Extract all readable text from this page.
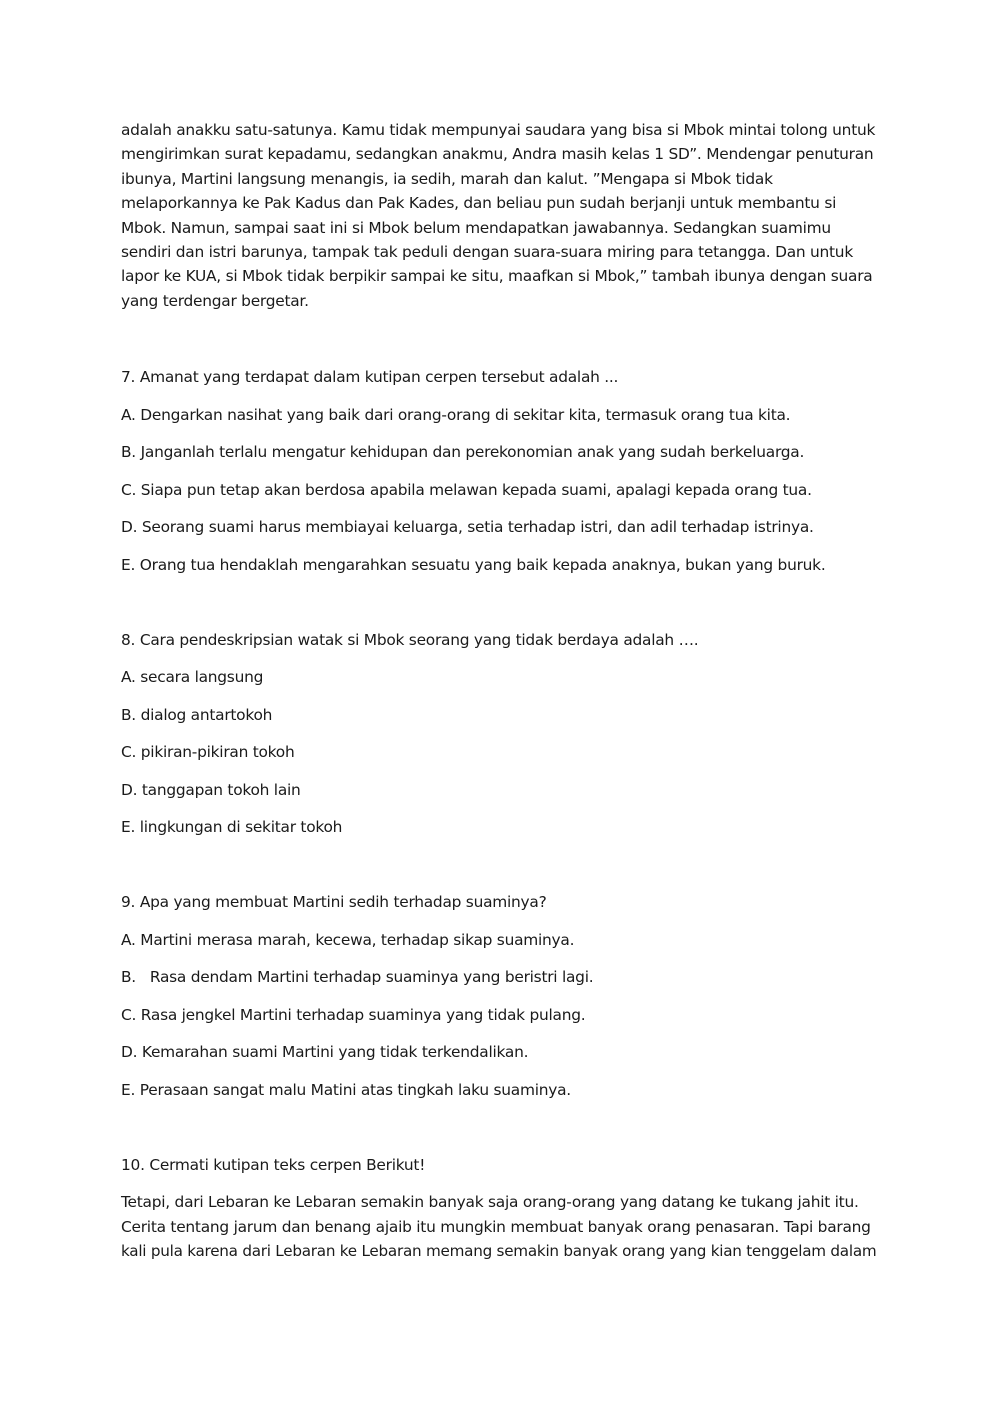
adalah anakku satu-satunya. Kamu tidak mempunyai saudara yang bisa si Mbok mintai tolong untuk
mengirimkan surat kepadamu, sedangkan anakmu, Andra masih kelas 1 SD”. Mendengar penuturan
ibunya, Martini langsung menangis, ia sedih, marah dan kalut. ”Mengapa si Mbok tidak
melaporkannya ke Pak Kadus dan Pak Kades, dan beliau pun sudah berjanji untuk membantu si
Mbok. Namun, sampai saat ini si Mbok belum mendapatkan jawabannya. Sedangkan suamimu
sendiri dan istri barunya, tampak tak peduli dengan suara-suara miring para tetangga. Dan untuk
lapor ke KUA, si Mbok tidak berpikir sampai ke situ, maafkan si Mbok,” tambah ibunya dengan suara
yang terdengar bergetar.

7. Amanat yang terdapat dalam kutipan cerpen tersebut adalah ...

A. Dengarkan nasihat yang baik dari orang-orang di sekitar kita, termasuk orang tua kita.

B. Janganlah terlalu mengatur kehidupan dan perekonomian anak yang sudah berkeluarga.

C. Siapa pun tetap akan berdosa apabila melawan kepada suami, apalagi kepada orang tua.

D. Seorang suami harus membiayai keluarga, setia terhadap istri, dan adil terhadap istrinya.

E. Orang tua hendaklah mengarahkan sesuatu yang baik kepada anaknya, bukan yang buruk.

8. Cara pendeskripsian watak si Mbok seorang yang tidak berdaya adalah ….

A. secara langsung

B. dialog antartokoh

C. pikiran-pikiran tokoh

D. tanggapan tokoh lain

E. lingkungan di sekitar tokoh

9. Apa yang membuat Martini sedih terhadap suaminya?

A. Martini merasa marah, kecewa, terhadap sikap suaminya.

B.   Rasa dendam Martini terhadap suaminya yang beristri lagi.

C. Rasa jengkel Martini terhadap suaminya yang tidak pulang.

D. Kemarahan suami Martini yang tidak terkendalikan.

E. Perasaan sangat malu Matini atas tingkah laku suaminya.

10. Cermati kutipan teks cerpen Berikut!

Tetapi, dari Lebaran ke Lebaran semakin banyak saja orang-orang yang datang ke tukang jahit itu.
Cerita tentang jarum dan benang ajaib itu mungkin membuat banyak orang penasaran. Tapi barang
kali pula karena dari Lebaran ke Lebaran memang semakin banyak orang yang kian tenggelam dalam
